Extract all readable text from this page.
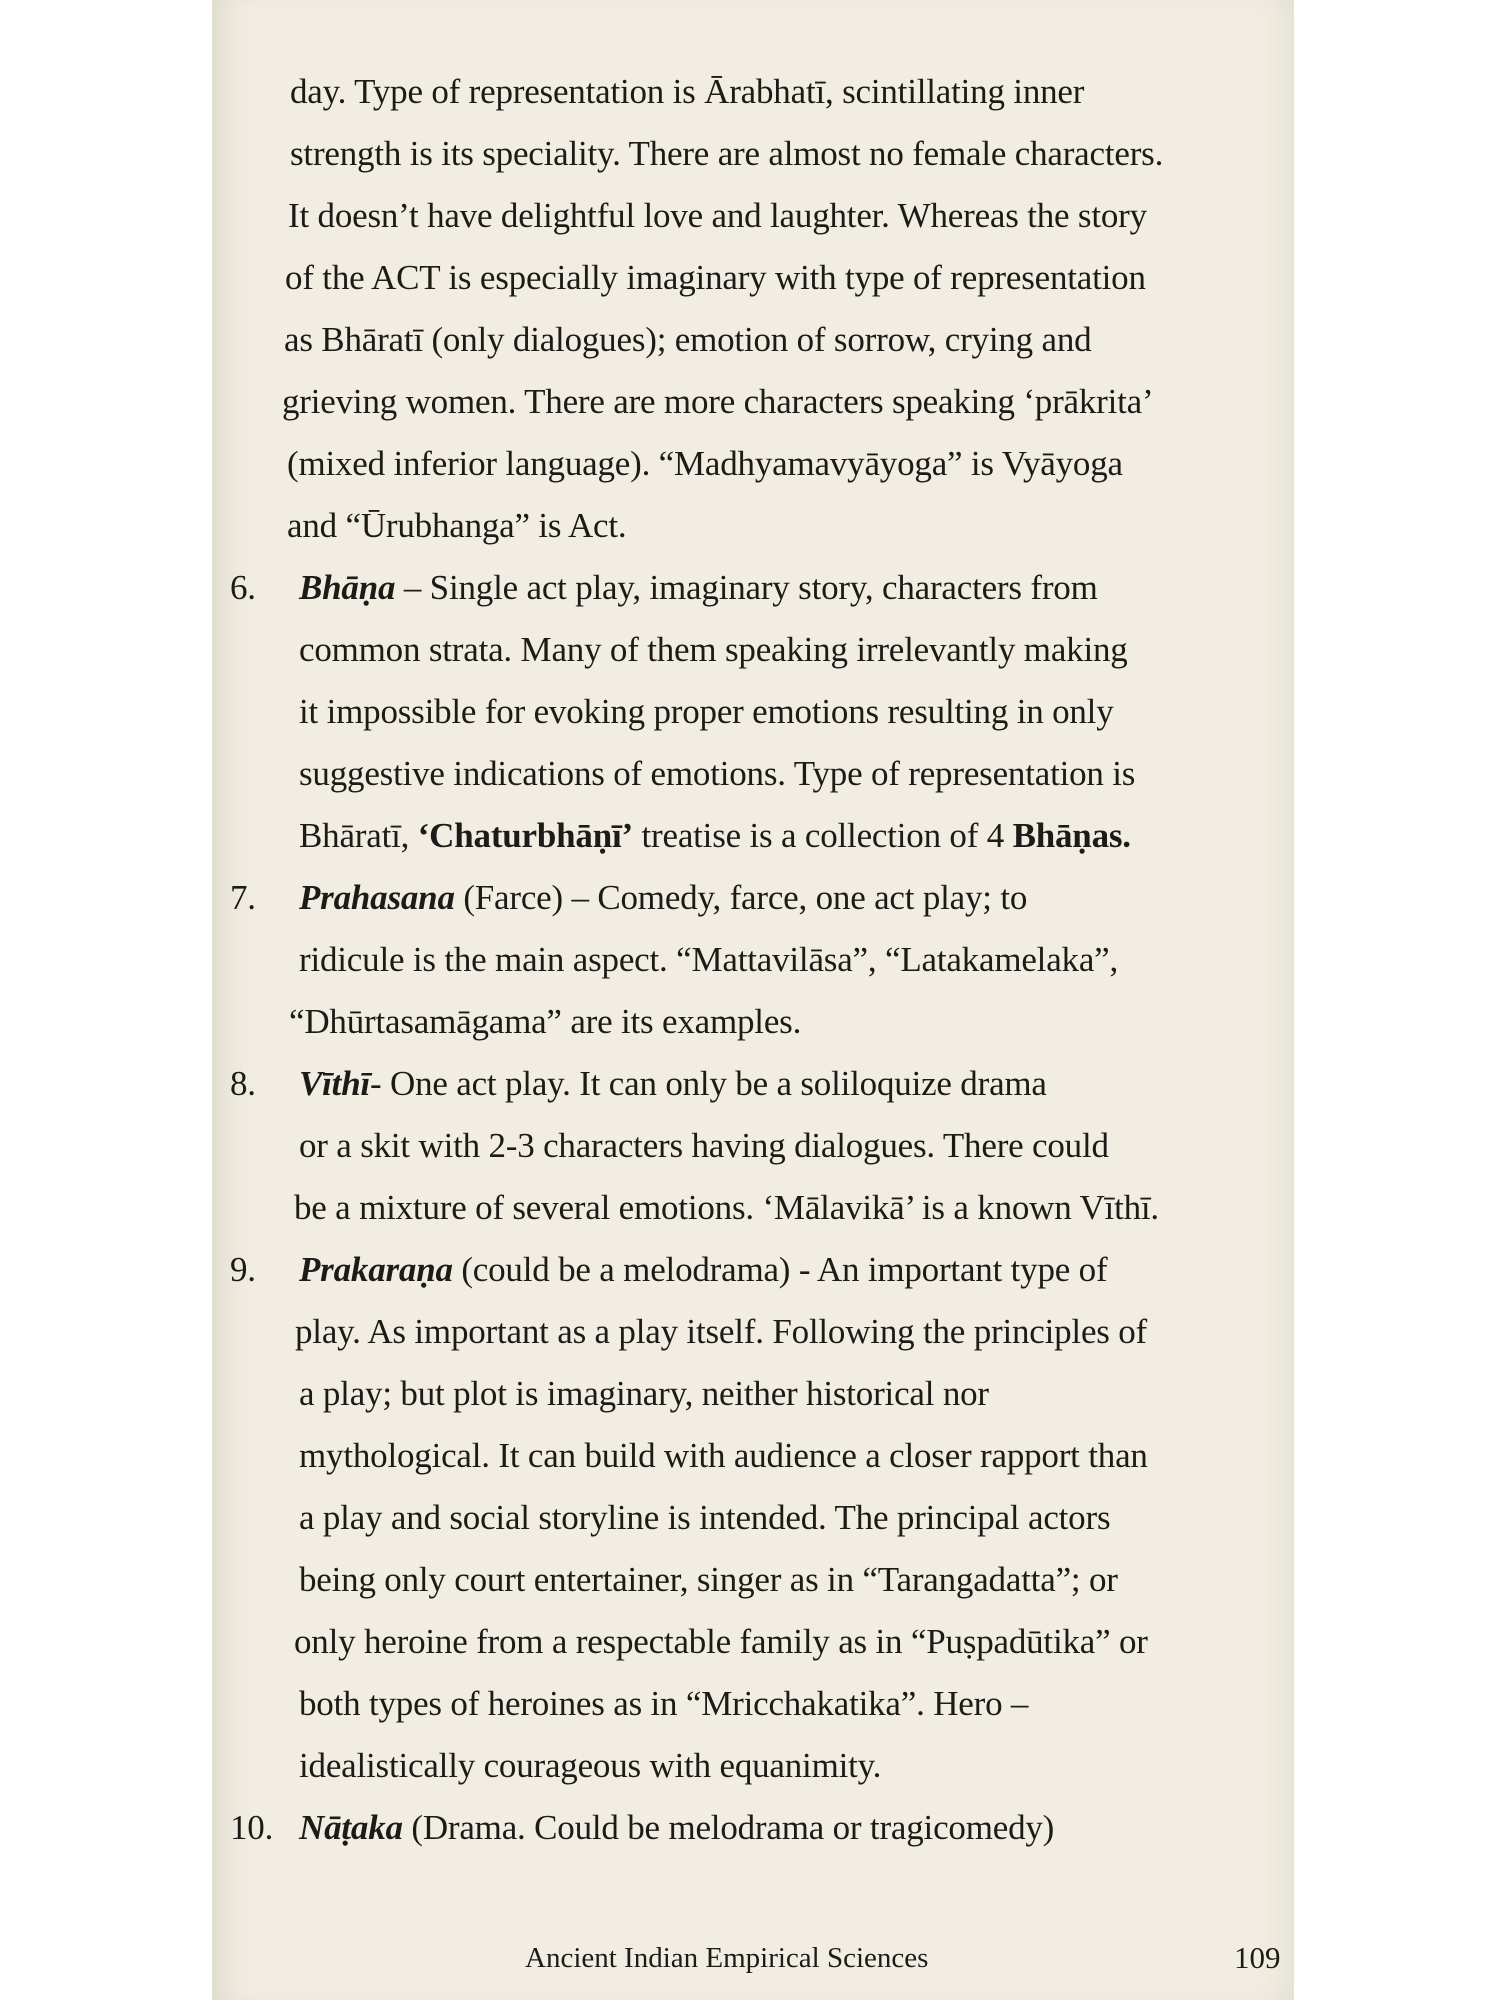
day. Type of representation is Ārabhatī, scintillating inner
strength is its speciality. There are almost no female characters.
It doesn’t have delightful love and laughter. Whereas the story
of the ACT is especially imaginary with type of representation
as Bhāratī (only dialogues); emotion of sorrow, crying and
grieving women. There are more characters speaking ‘prākrita’
(mixed inferior language). “Madhyamavyāyoga” is Vyāyoga
and “Ūrubhanga” is Act.
6. Bhāṇa – Single act play, imaginary story, characters from
common strata. Many of them speaking irrelevantly making
it impossible for evoking proper emotions resulting in only
suggestive indications of emotions. Type of representation is
Bhāratī, ‘Chaturbhāṇī’ treatise is a collection of 4 Bhāṇas.
7. Prahasana (Farce) – Comedy, farce, one act play; to
ridicule is the main aspect. “Mattavilāsa”, “Latakamelaka”,
“Dhūrtasamāgama” are its examples.
8. Vīthī- One act play. It can only be a soliloquize drama
or a skit with 2-3 characters having dialogues. There could
be a mixture of several emotions. ‘Mālavikā’ is a known Vīthī.
9. Prakaraṇa (could be a melodrama) - An important type of
play. As important as a play itself. Following the principles of
a play; but plot is imaginary, neither historical nor
mythological. It can build with audience a closer rapport than
a play and social storyline is intended. The principal actors
being only court entertainer, singer as in “Tarangadatta”; or
only heroine from a respectable family as in “Puṣpadūtika” or
both types of heroines as in “Mricchakatika”. Hero –
idealistically courageous with equanimity.
10. Nāṭaka (Drama. Could be melodrama or tragicomedy)
Ancient Indian Empirical Sciences	109
